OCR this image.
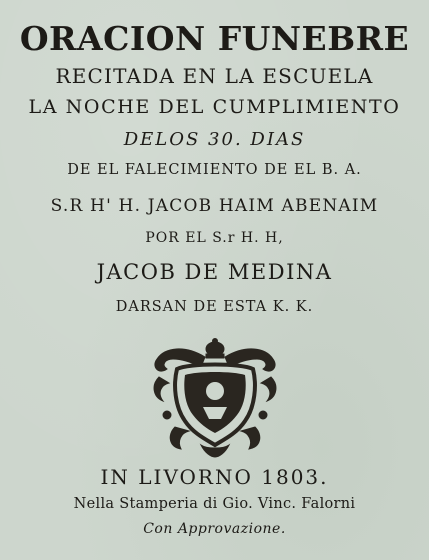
ORACION FUNEBRE
RECITADA EN LA ESCUELA
LA NOCHE DEL CUMPLIMIENTO
DELOS 30. DIAS
DE EL FALECIMIENTO DE EL B. A.
S.R H' H. JACOB HAIM ABENAIM
POR EL S.r H. H,
JACOB DE MEDINA
DARSAN DE ESTA K. K.
IN LIVORNO 1803.
Nella Stamperia di Gio. Vinc. Falorni
Con Approvazione.
